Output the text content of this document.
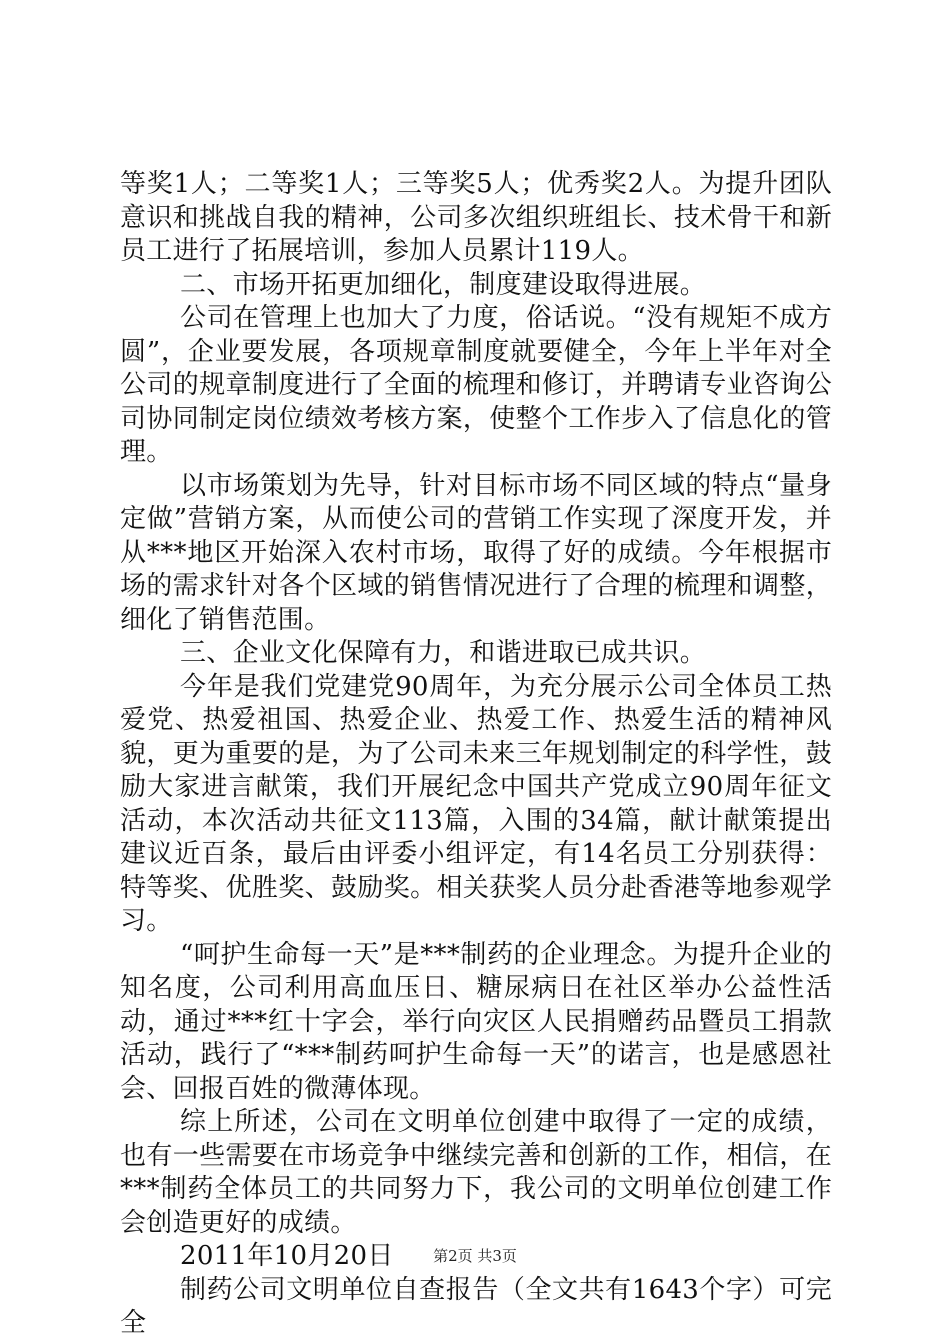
等奖1人；二等奖1人；三等奖5人；优秀奖2人。为提升团队意识和挑战自我的精神，公司多次组织班组长、技术骨干和新员工进行了拓展培训，参加人员累计119人。

二、市场开拓更加细化，制度建设取得进展。

公司在管理上也加大了力度，俗话说。“没有规矩不成方圆”，企业要发展，各项规章制度就要健全，今年上半年对全公司的规章制度进行了全面的梳理和修订，并聘请专业咨询公司协同制定岗位绩效考核方案，使整个工作步入了信息化的管理。

以市场策划为先导，针对目标市场不同区域的特点“量身定做”营销方案，从而使公司的营销工作实现了深度开发，并从***地区开始深入农村市场，取得了好的成绩。今年根据市场的需求针对各个区域的销售情况进行了合理的梳理和调整，细化了销售范围。

三、企业文化保障有力，和谐进取已成共识。

今年是我们党建党90周年，为充分展示公司全体员工热爱党、热爱祖国、热爱企业、热爱工作、热爱生活的精神风貌，更为重要的是，为了公司未来三年规划制定的科学性，鼓励大家进言献策，我们开展纪念中国共产党成立90周年征文活动，本次活动共征文113篇，入围的34篇，献计献策提出建议近百条，最后由评委小组评定，有14名员工分别获得：特等奖、优胜奖、鼓励奖。相关获奖人员分赴香港等地参观学习。

“呵护生命每一天”是***制药的企业理念。为提升企业的知名度，公司利用高血压日、糖尿病日在社区举办公益性活动，通过***红十字会，举行向灾区人民捐赠药品暨员工捐款活动，践行了“***制药呵护生命每一天”的诺言，也是感恩社会、回报百姓的微薄体现。

综上所述，公司在文明单位创建中取得了一定的成绩，也有一些需要在市场竞争中继续完善和创新的工作，相信，在***制药全体员工的共同努力下，我公司的文明单位创建工作会创造更好的成绩。

2011年10月20日

制药公司文明单位自查报告（全文共有1643个字）可完全

第2页 共3页
